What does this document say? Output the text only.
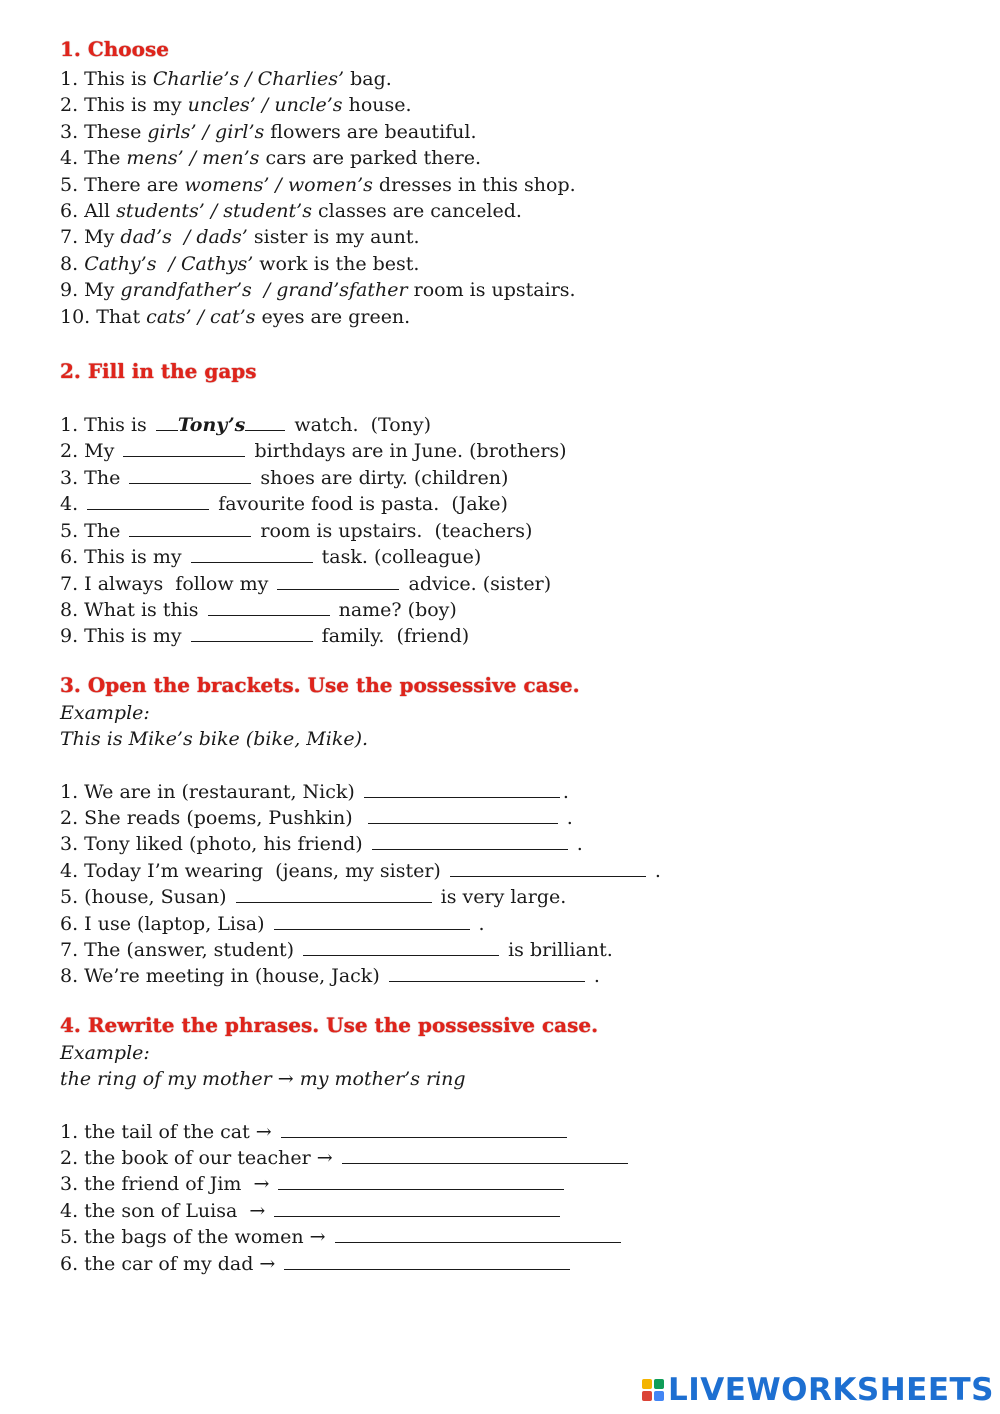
1. Choose

1. This is Charlie’s / Charlies’ bag.

2. This is my uncles’ / uncle’s house.

3. These girls’ / girl’s flowers are beautiful.

4. The mens’ / men’s cars are parked there.

5. There are womens’ / women’s dresses in this shop.

6. All students’ / student’s classes are canceled.

7. My dad’s  / dads’ sister is my aunt.

8. Cathy’s  / Cathys’ work is the best.

9. My grandfather’s  / grand’sfather room is upstairs.

10. That cats’ / cat’s eyes are green.

2. Fill in the gaps

1. This is Tony’s watch.  (Tony)

2. My	birthdays are in June. (brothers)

3. The	shoes are dirty. (children)

4.	favourite food is pasta.  (Jake)

5. The	room is upstairs.  (teachers)

6. This is my	task. (colleague)

7. I always  follow my	advice. (sister)

8. What is this	name? (boy)

9. This is my	family.  (friend)

3. Open the brackets. Use the possessive case.

Example:

This is Mike’s bike (bike, Mike).

1. We are in (restaurant, Nick)	.

2. She reads (poems, Pushkin)	.

3. Tony liked (photo, his friend)	.

4. Today I’m wearing  (jeans, my sister)	.

5. (house, Susan)	is very large.

6. I use (laptop, Lisa)	.

7. The (answer, student)	is brilliant.

8. We’re meeting in (house, Jack)	.

4. Rewrite the phrases. Use the possessive case.

Example:

the ring of my mother → my mother’s ring

1. the tail of the cat →

2. the book of our teacher →

3. the friend of Jim  →

4. the son of Luisa  →

5. the bags of the women →

6. the car of my dad →

LIVEWORKSHEETS
